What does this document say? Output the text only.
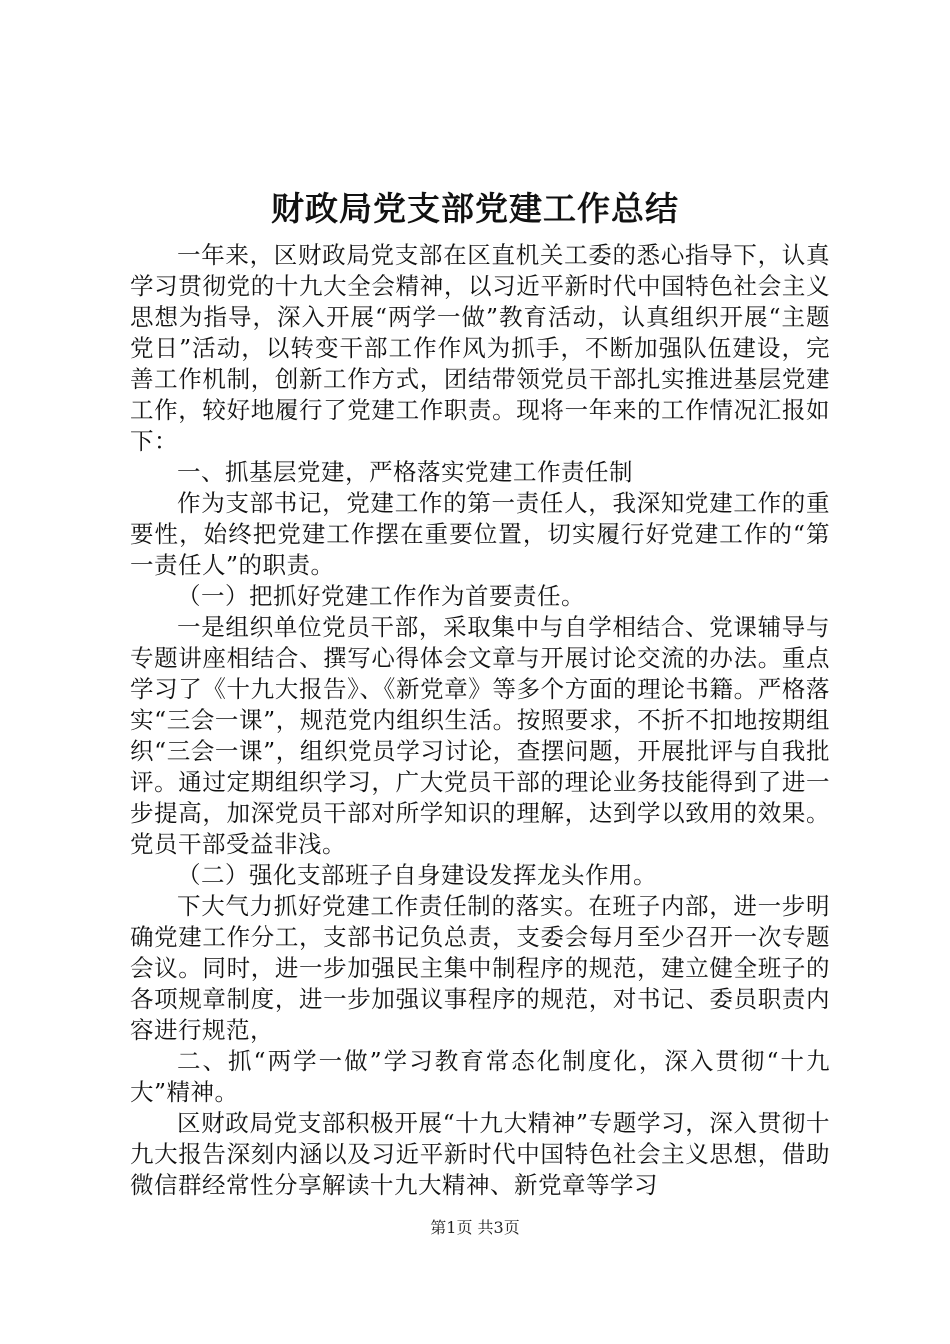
财政局党支部党建工作总结

一年来，区财政局党支部在区直机关工委的悉心指导下，认真学习贯彻党的十九大全会精神，以习近平新时代中国特色社会主义思想为指导，深入开展“两学一做”教育活动，认真组织开展“主题党日”活动，以转变干部工作作风为抓手，不断加强队伍建设，完善工作机制，创新工作方式，团结带领党员干部扎实推进基层党建工作，较好地履行了党建工作职责。现将一年来的工作情况汇报如下：

一、抓基层党建，严格落实党建工作责任制

作为支部书记，党建工作的第一责任人，我深知党建工作的重要性，始终把党建工作摆在重要位置，切实履行好党建工作的“第一责任人”的职责。

（一）把抓好党建工作作为首要责任。

一是组织单位党员干部，采取集中与自学相结合、党课辅导与专题讲座相结合、撰写心得体会文章与开展讨论交流的办法。重点学习了《十九大报告》、《新党章》等多个方面的理论书籍。严格落实“三会一课”，规范党内组织生活。按照要求，不折不扣地按期组织“三会一课”，组织党员学习讨论，查摆问题，开展批评与自我批评。通过定期组织学习，广大党员干部的理论业务技能得到了进一步提高，加深党员干部对所学知识的理解，达到学以致用的效果。党员干部受益非浅。

（二）强化支部班子自身建设发挥龙头作用。

下大气力抓好党建工作责任制的落实。在班子内部，进一步明确党建工作分工，支部书记负总责，支委会每月至少召开一次专题会议。同时，进一步加强民主集中制程序的规范，建立健全班子的各项规章制度，进一步加强议事程序的规范，对书记、委员职责内容进行规范，

二、抓“两学一做”学习教育常态化制度化，深入贯彻“十九大”精神。

区财政局党支部积极开展“十九大精神”专题学习，深入贯彻十九大报告深刻内涵以及习近平新时代中国特色社会主义思想，借助微信群经常性分享解读十九大精神、新党章等学习

第1页 共3页
